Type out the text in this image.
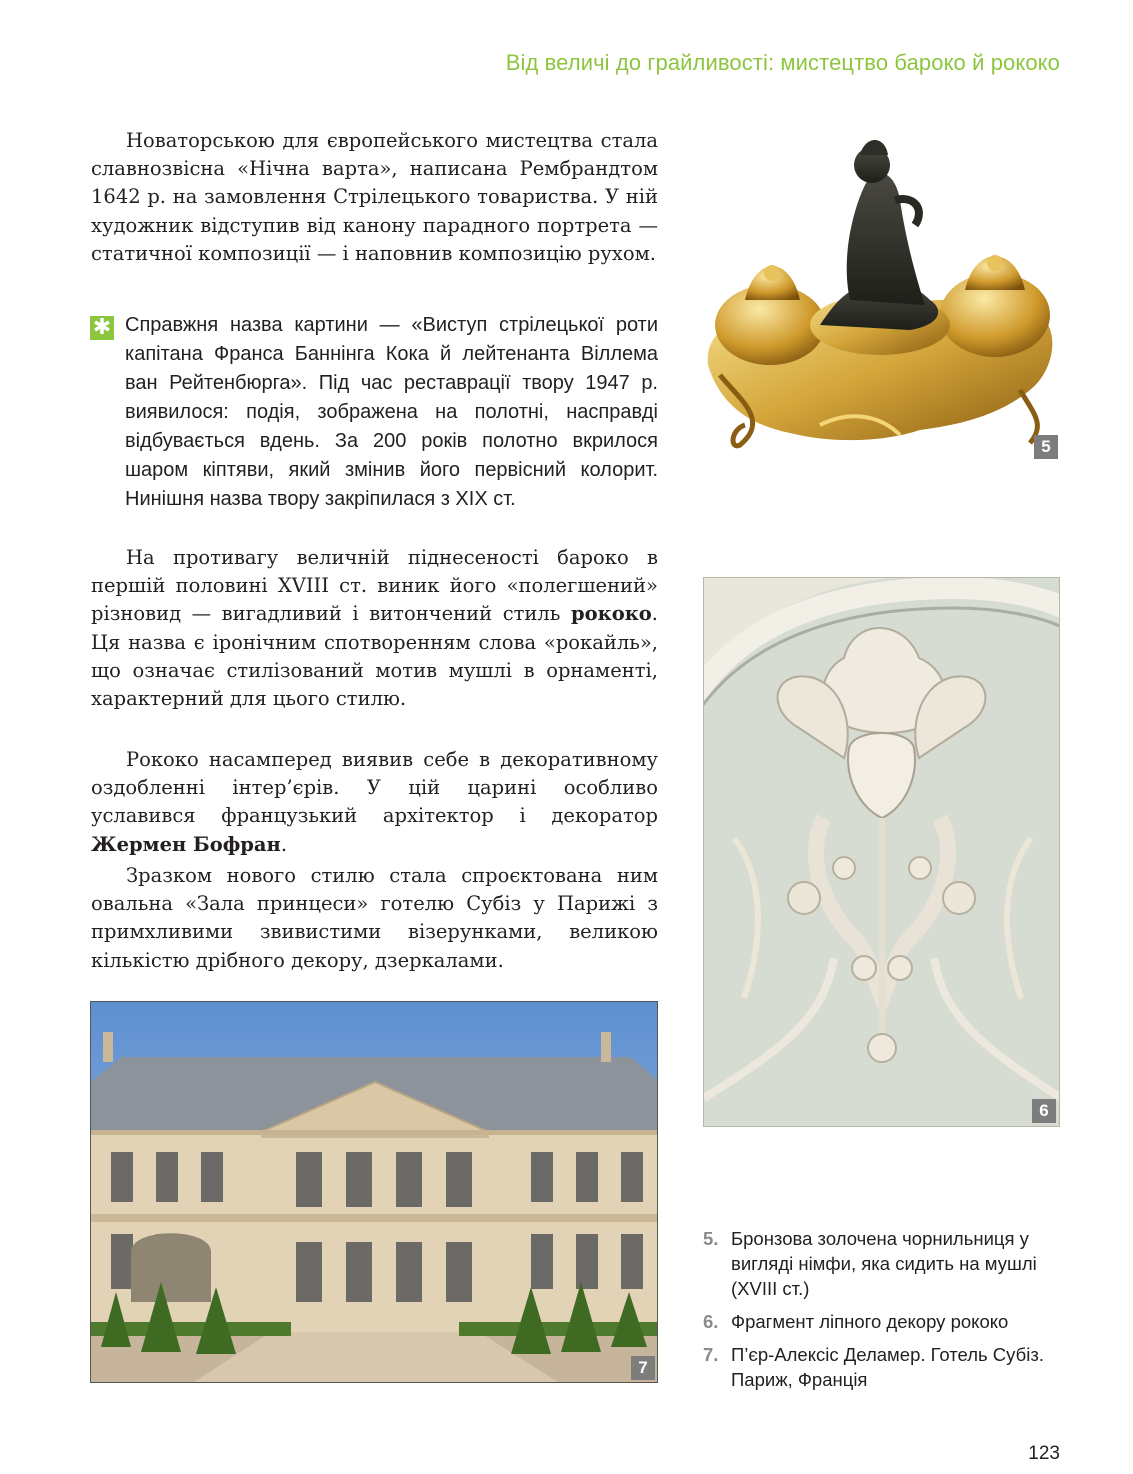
Від величі до грайливості: мистецтво бароко й рококо

Новаторською для європейського мистецтва стала славнозвісна «Нічна варта», написана Рембрандтом 1642 р. на замовлення Стрілецького товариства. У ній художник відступив від канону парадного портрета — статичної композиції — і наповнив композицію рухом.

✱ Справжня назва картини — «Виступ стрілецької роти капітана Франса Баннінга Кока й лейтенанта Віллема ван Рейтенбюрга». Під час реставрації твору 1947 р. виявилося: подія, зображена на полотні, насправді відбувається вдень. За 200 років полотно вкрилося шаром кіптяви, який змінив його первісний колорит. Нинішня назва твору закріпилася з XIX ст.

На противагу величній піднесеності бароко в першій половині XVIII ст. виник його «полегшений» різновид — вигадливий і витончений стиль рококо. Ця назва є іронічним спотворенням слова «рокайль», що означає стилізований мотив мушлі в орнаменті, характерний для цього стилю.

Рококо насамперед виявив себе в декоративному оздобленні інтер’єрів. У цій царині особливо уславився французький архітектор і декоратор Жермен Бофран.

Зразком нового стилю стала спроєктована ним овальна «Зала принцеси» готелю Субіз у Парижі з примхливими звивистими візерунками, великою кількістю дрібного декору, дзеркалами.

5
6
7
5. Бронзова золочена чорнильниця у вигляді німфи, яка сидить на мушлі (XVIII ст.)
6. Фрагмент ліпного декору рококо
7. П’єр-Алексіс Деламер. Готель Субіз. Париж, Франція
123
